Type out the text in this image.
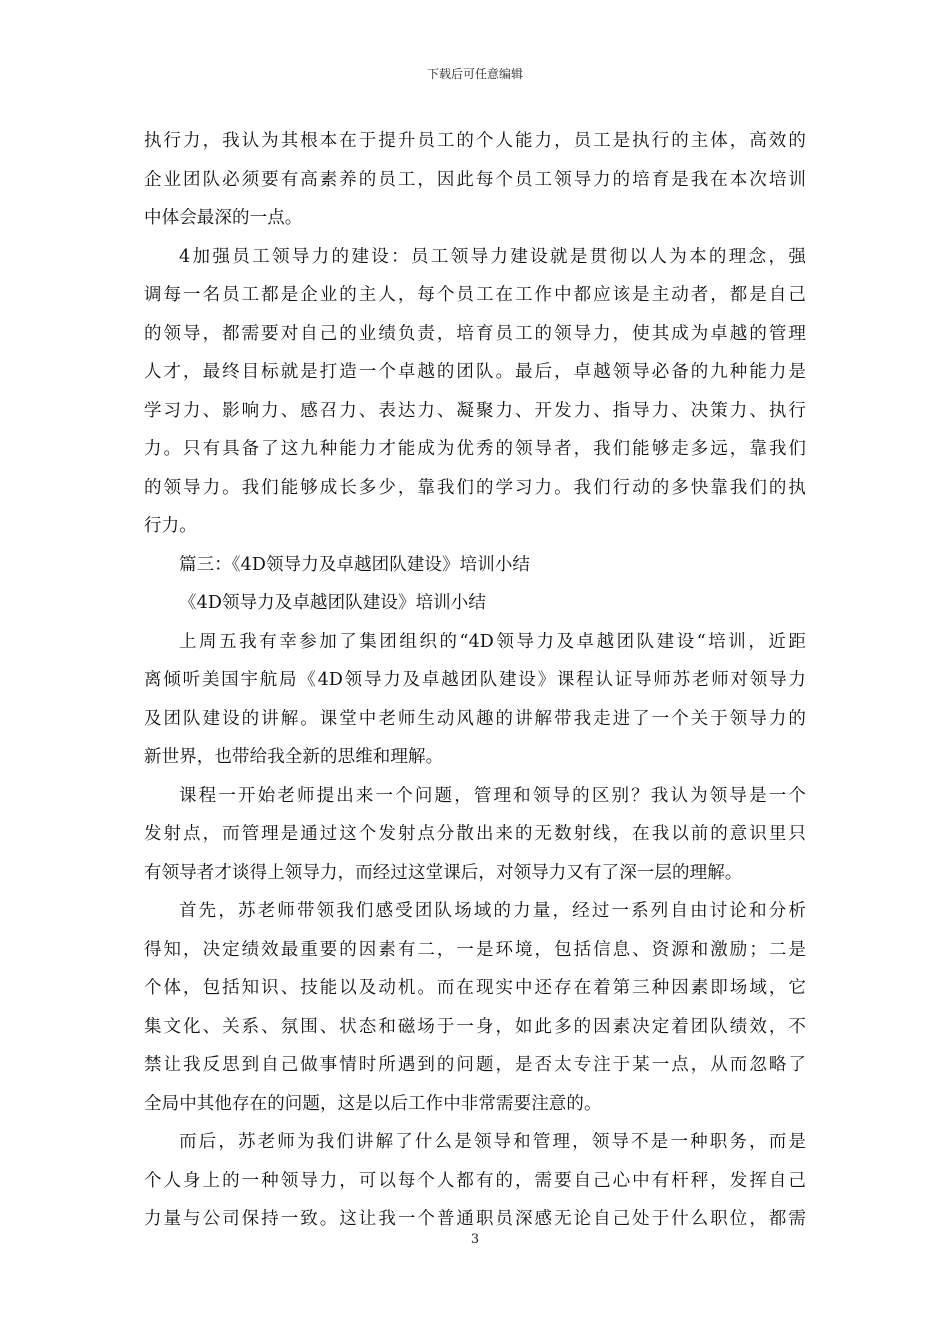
下载后可任意编辑
执行力，我认为其根本在于提升员工的个人能力，员工是执行的主体，高效的
企业团队必须要有高素养的员工，因此每个员工领导力的培育是我在本次培训
中体会最深的一点。
4加强员工领导力的建设：员工领导力建设就是贯彻以人为本的理念，强
调每一名员工都是企业的主人，每个员工在工作中都应该是主动者，都是自己
的领导，都需要对自己的业绩负责，培育员工的领导力，使其成为卓越的管理
人才，最终目标就是打造一个卓越的团队。最后，卓越领导必备的九种能力是
学习力、影响力、感召力、表达力、凝聚力、开发力、指导力、决策力、执行
力。只有具备了这九种能力才能成为优秀的领导者，我们能够走多远，靠我们
的领导力。我们能够成长多少，靠我们的学习力。我们行动的多快靠我们的执
行力。
篇三：《4D领导力及卓越团队建设》培训小结
《4D领导力及卓越团队建设》培训小结
上周五我有幸参加了集团组织的“4D领导力及卓越团队建设“培训，近距
离倾听美国宇航局《4D领导力及卓越团队建设》课程认证导师苏老师对领导力
及团队建设的讲解。课堂中老师生动风趣的讲解带我走进了一个关于领导力的
新世界，也带给我全新的思维和理解。
课程一开始老师提出来一个问题，管理和领导的区别？我认为领导是一个
发射点，而管理是通过这个发射点分散出来的无数射线，在我以前的意识里只
有领导者才谈得上领导力，而经过这堂课后，对领导力又有了深一层的理解。
首先，苏老师带领我们感受团队场域的力量，经过一系列自由讨论和分析
得知，决定绩效最重要的因素有二，一是环境，包括信息、资源和激励；二是
个体，包括知识、技能以及动机。而在现实中还存在着第三种因素即场域，它
集文化、关系、氛围、状态和磁场于一身，如此多的因素决定着团队绩效，不
禁让我反思到自己做事情时所遇到的问题，是否太专注于某一点，从而忽略了
全局中其他存在的问题，这是以后工作中非常需要注意的。
而后，苏老师为我们讲解了什么是领导和管理，领导不是一种职务，而是
个人身上的一种领导力，可以每个人都有的，需要自己心中有杆秤，发挥自己
力量与公司保持一致。这让我一个普通职员深感无论自己处于什么职位，都需
3
